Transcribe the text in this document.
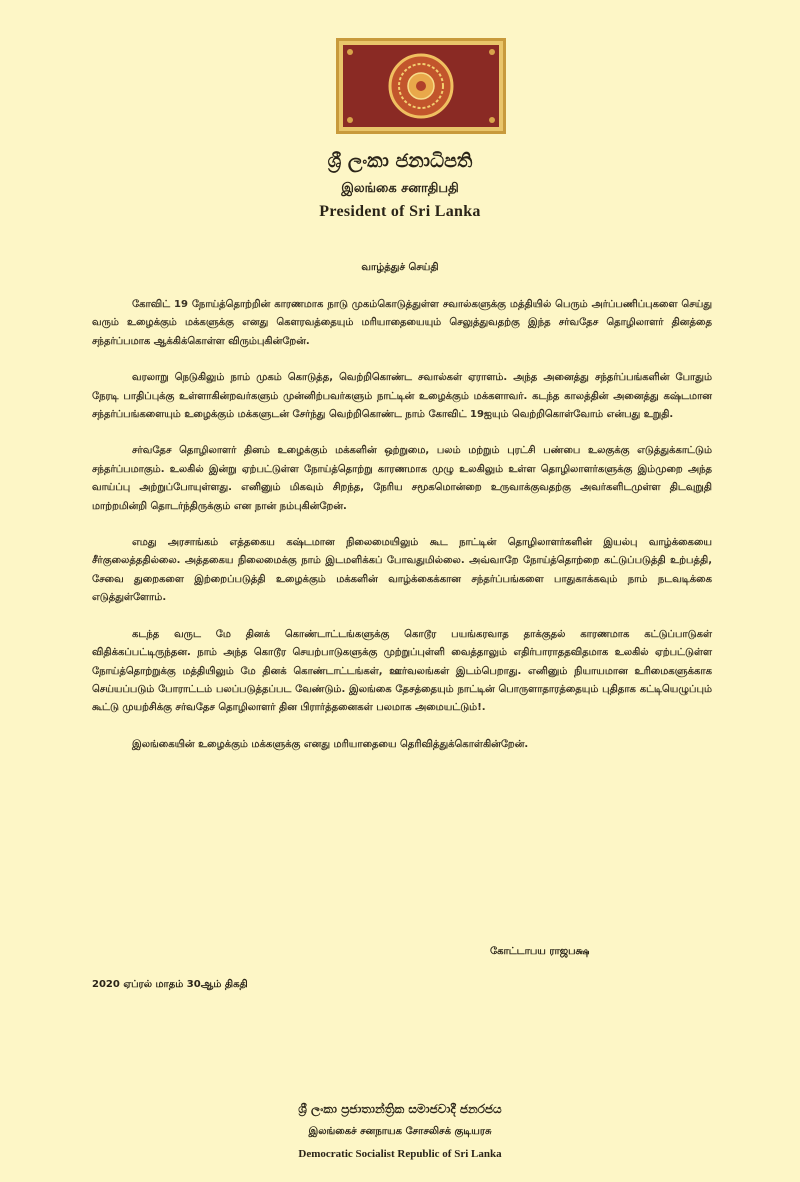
ශ්‍රී ලංකා ජනාධිපති
இலங்கை சனாதிபதி
President of Sri Lanka
வாழ்த்துச் செய்தி

கோவிட் 19 நோய்த்தொற்றின் காரணமாக நாடு முகம்கொடுத்துள்ள சவால்களுக்கு மத்தியில் பெரும் அர்ப்பணிப்புகளை செய்து வரும் உழைக்கும் மக்களுக்கு எனது கௌரவத்தையும் மரியாதையையும் செலுத்துவதற்கு இந்த சர்வதேச தொழிலாளர் தினத்தை சந்தர்ப்பமாக ஆக்கிக்கொள்ள விரும்புகின்றேன்.

வரலாறு நெடுகிலும் நாம் முகம் கொடுத்த, வெற்றிகொண்ட சவால்கள் ஏராளம். அந்த அனைத்து சந்தர்ப்பங்களின் போதும் நேரடி பாதிப்புக்கு உள்ளாகின்றவர்களும் முன்னிற்பவர்களும் நாட்டின் உழைக்கும் மக்களாவர். கடந்த காலத்தின் அனைத்து கஷ்டமான சந்தர்ப்பங்களையும் உழைக்கும் மக்களுடன் சேர்ந்து வெற்றிகொண்ட நாம் கோவிட் 19ஐயும் வெற்றிகொள்வோம் என்பது உறுதி.

சர்வதேச தொழிலாளர் தினம் உழைக்கும் மக்களின் ஒற்றுமை, பலம் மற்றும் புரட்சி பண்பை உலகுக்கு எடுத்துக்காட்டும் சந்தர்ப்பமாகும். உலகில் இன்று ஏற்பட்டுள்ள நோய்த்தொற்று காரணமாக முழு உலகிலும் உள்ள தொழிலாளர்களுக்கு இம்முறை அந்த வாய்ப்பு அற்றுப்போயுள்ளது. எனினும் மிகவும் சிறந்த, நேரிய சமூகமொன்றை உருவாக்குவதற்கு அவர்களிடமுள்ள திடவுறுதி மாற்றமின்றி தொடர்ந்திருக்கும் என நான் நம்புகின்றேன்.

எமது அரசாங்கம் எத்தகைய கஷ்டமான நிலைமையிலும் கூட நாட்டின் தொழிலாளர்களின் இயல்பு வாழ்க்கையை சீர்குலைத்ததில்லை. அத்தகைய நிலைமைக்கு நாம் இடமளிக்கப் போவதுமில்லை. அவ்வாறே நோய்த்தொற்றை கட்டுப்படுத்தி உற்பத்தி, சேவை துறைகளை இற்றைப்படுத்தி உழைக்கும் மக்களின் வாழ்க்கைக்கான சந்தர்ப்பங்களை பாதுகாக்கவும் நாம் நடவடிக்கை எடுத்துள்ளோம்.

கடந்த வருட மே தினக் கொண்டாட்டங்களுக்கு கொடூர பயங்கரவாத தாக்குதல் காரணமாக கட்டுப்பாடுகள் விதிக்கப்பட்டிருந்தன. நாம் அந்த கொடூர செயற்பாடுகளுக்கு முற்றுப்புள்ளி வைத்தாலும் எதிர்பாராததவிதமாக உலகில் ஏற்பட்டுள்ள நோய்த்தொற்றுக்கு மத்தியிலும் மே தினக் கொண்டாட்டங்கள், ஊர்வலங்கள் இடம்பெறாது. எனினும் நியாயமான உரிமைகளுக்காக செய்யப்படும் போராட்டம் பலப்படுத்தப்பட வேண்டும். இலங்கை தேசத்தையும் நாட்டின் பொருளாதாரத்தையும் புதிதாக கட்டியெழுப்பும் கூட்டு முயற்சிக்கு சர்வதேச தொழிலாளர் தின பிரார்த்தனைகள் பலமாக அமையட்டும்!.

இலங்கையின் உழைக்கும் மக்களுக்கு எனது மரியாதையை தெரிவித்துக்கொள்கின்றேன்.

கோட்டாபய ராஜபக்ஷ
2020 ஏப்ரல் மாதம் 30ஆம் திகதி
ශ්‍රී ලංකා ප්‍රජාතාන්ත්‍රික සමාජවාදී ජනරජය
இலங்கைச் சனநாயக சோசலிசக் குடியரசு
Democratic Socialist Republic of Sri Lanka
